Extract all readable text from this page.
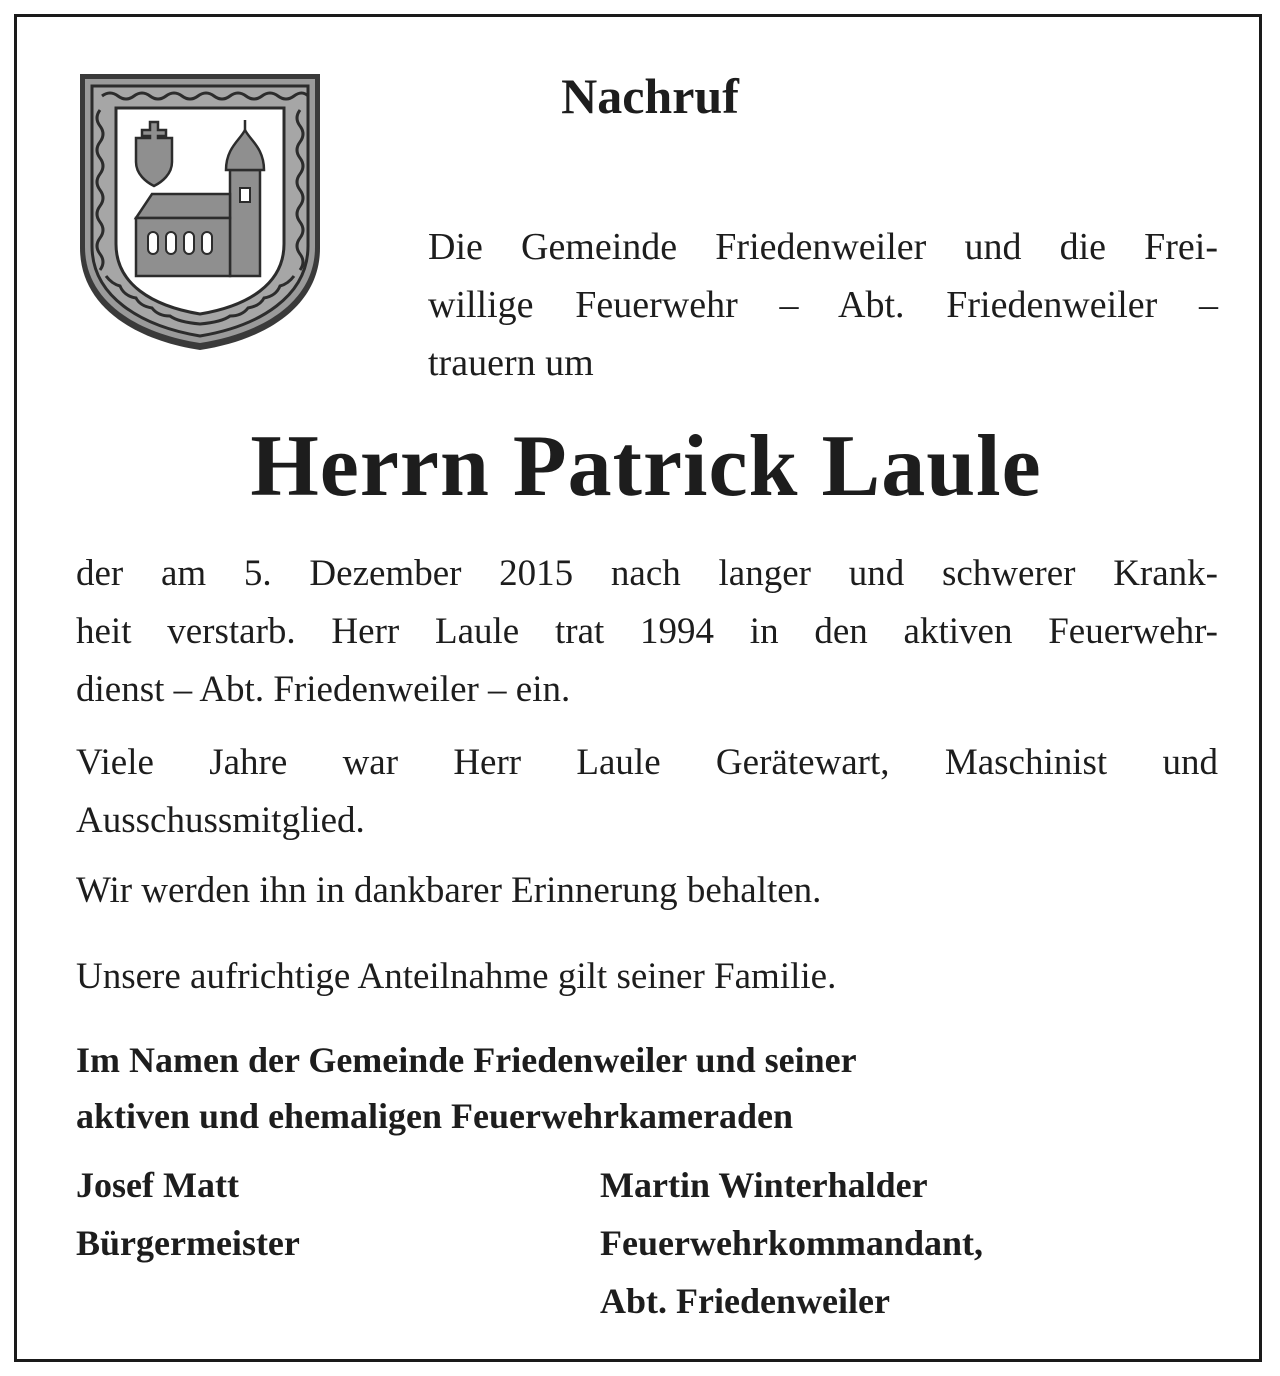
Nachruf
Die Gemeinde Friedenweiler und die Frei-
willige Feuerwehr – Abt. Friedenweiler –
trauern um
Herrn Patrick Laule
der am 5. Dezember 2015 nach langer und schwerer Krank-
heit verstarb. Herr Laule trat 1994 in den aktiven Feuerwehr-
dienst – Abt. Friedenweiler – ein.
Viele Jahre war Herr Laule Gerätewart, Maschinist und
Ausschussmitglied.
Wir werden ihn in dankbarer Erinnerung behalten.
Unsere aufrichtige Anteilnahme gilt seiner Familie.
Im Namen der Gemeinde Friedenweiler und seiner
aktiven und ehemaligen Feuerwehrkameraden
Josef Matt
Bürgermeister
Martin Winterhalder
Feuerwehrkommandant,
Abt. Friedenweiler
